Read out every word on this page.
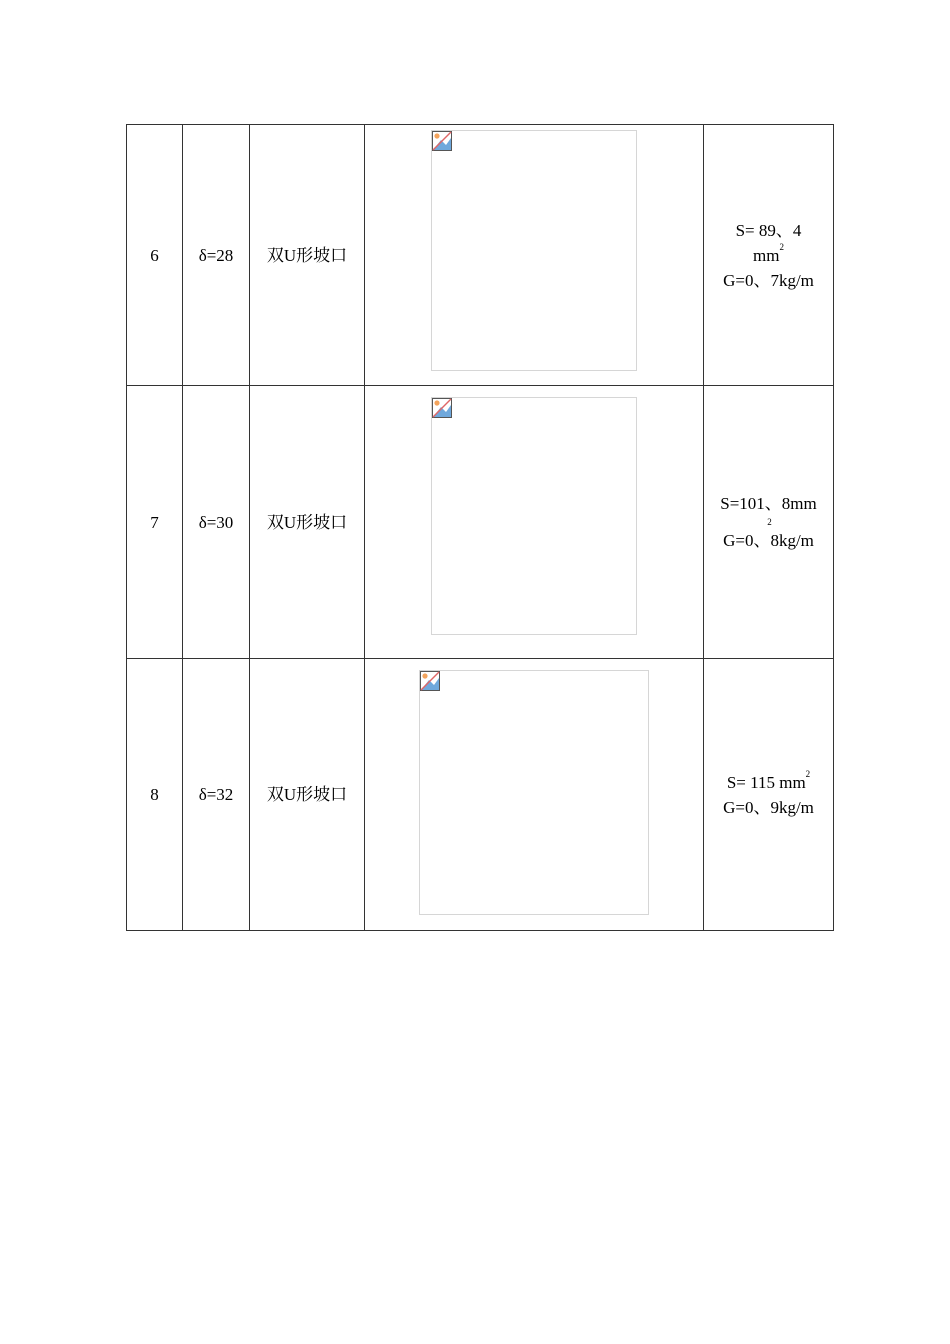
6	δ=28	双U形坡口		S= 89、4
$mm^2$
G=0、7kg/m
7	δ=30	双U形坡口		S=101、8mm
2
G=0、8kg/m
8	δ=32	双U形坡口		S= 115 $mm^2$
G=0、9kg/m
